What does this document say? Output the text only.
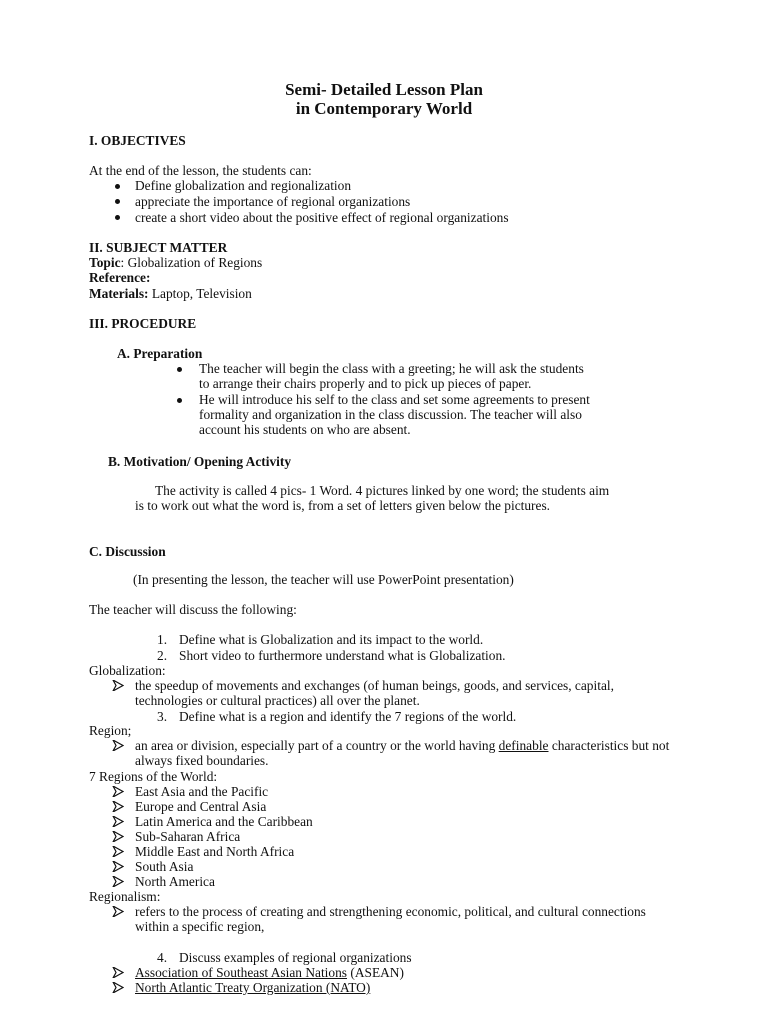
Semi- Detailed Lesson Plan
in Contemporary World
I. OBJECTIVES
At the end of the lesson, the students can:
Define globalization and regionalization
appreciate the importance of regional organizations
create a short video about the positive effect of regional organizations
II. SUBJECT MATTER
Topic: Globalization of Regions
Reference:
Materials: Laptop, Television
III. PROCEDURE
A. Preparation
The teacher will begin the class with a greeting; he will ask the students
to arrange their chairs properly and to pick up pieces of paper.
He will introduce his self to the class and set some agreements to present
formality and organization in the class discussion. The teacher will also
account his students on who are absent.
B. Motivation/ Opening Activity
The activity is called 4 pics- 1 Word. 4 pictures linked by one word; the students aim
is to work out what the word is, from a set of letters given below the pictures.
C. Discussion
(In presenting the lesson, the teacher will use PowerPoint presentation)
The teacher will discuss the following:
1. Define what is Globalization and its impact to the world.
2. Short video to furthermore understand what is Globalization.
Globalization:
the speedup of movements and exchanges (of human beings, goods, and services, capital,
technologies or cultural practices) all over the planet.
3. Define what is a region and identify the 7 regions of the world.
Region;
an area or division, especially part of a country or the world having definable characteristics but not
always fixed boundaries.
7 Regions of the World:
East Asia and the Pacific
Europe and Central Asia
Latin America and the Caribbean
Sub-Saharan Africa
Middle East and North Africa
South Asia
North America
Regionalism:
refers to the process of creating and strengthening economic, political, and cultural connections
within a specific region,
4. Discuss examples of regional organizations
Association of Southeast Asian Nations (ASEAN)
North Atlantic Treaty Organization (NATO)
